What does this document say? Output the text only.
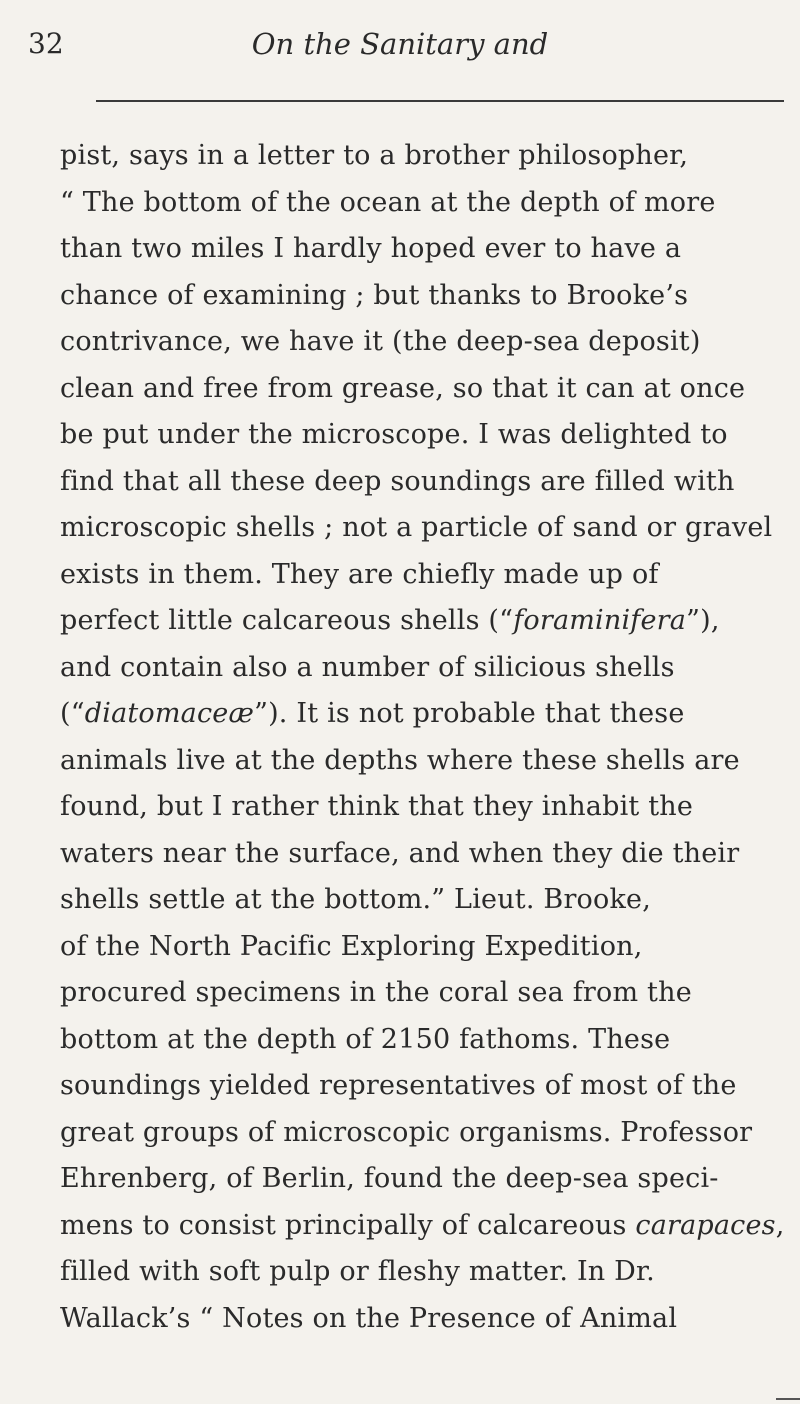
32	On the Sanitary and
pist, says in a letter to a brother philosopher,
“ The bottom of the ocean at the depth of more
than two miles I hardly hoped ever to have a
chance of examining ; but thanks to Brooke’s
contrivance, we have it (the deep-sea deposit)
clean and free from grease, so that it can at once
be put under the microscope. I was delighted to
find that all these deep soundings are filled with
microscopic shells ; not a particle of sand or gravel
exists in them. They are chiefly made up of
perfect little calcareous shells (“foraminifera”),
and contain also a number of silicious shells
(“diatomaceæ”). It is not probable that these
animals live at the depths where these shells are
found, but I rather think that they inhabit the
waters near the surface, and when they die their
shells settle at the bottom.” Lieut. Brooke,
of the North Pacific Exploring Expedition,
procured specimens in the coral sea from the
bottom at the depth of 2150 fathoms. These
soundings yielded representatives of most of the
great groups of microscopic organisms. Professor
Ehrenberg, of Berlin, found the deep-sea speci-
mens to consist principally of calcareous carapaces,
filled with soft pulp or fleshy matter. In Dr.
Wallack’s “ Notes on the Presence of Animal
